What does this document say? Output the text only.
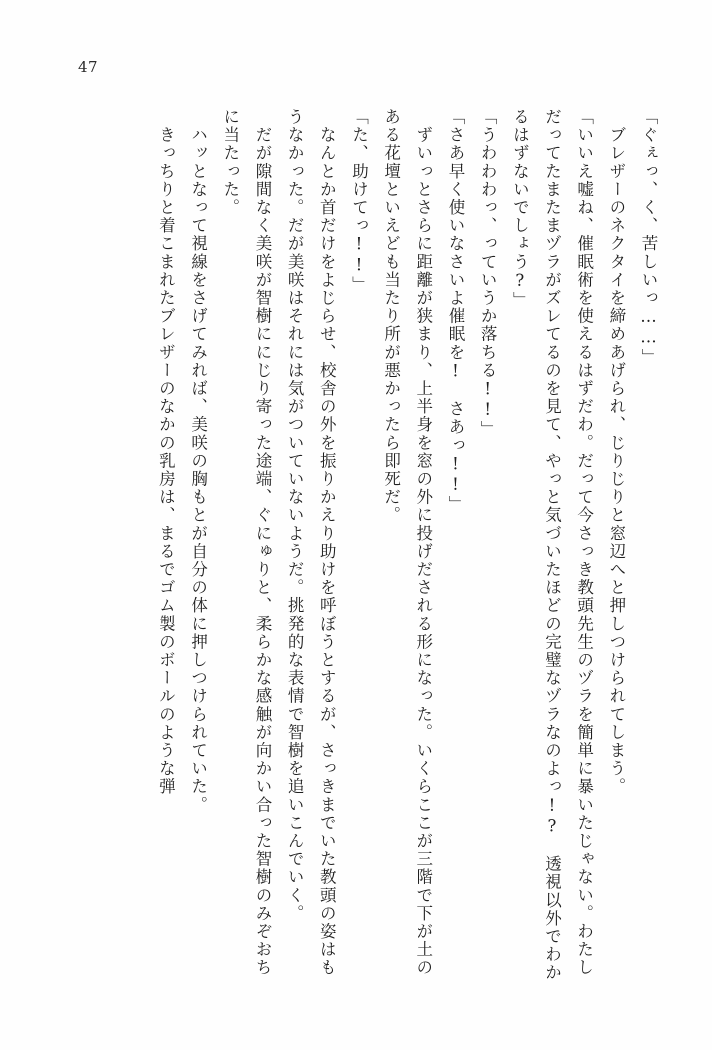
47

「ぐぇっ、く、苦しいっ……」

　ブレザーのネクタイを締めあげられ、じりじりと窓辺へと押しつけられてしまう。

「いいえ嘘ね、催眠術を使えるはずだわ。だって今さっき教頭先生のヅラを簡単に暴いたじゃない。わたしだってたまたまヅラがズレてるのを見て、やっと気づいたほどの完璧なヅラなのよっ!?　透視以外でわかるはずないでしょう?」

「うわわわっ、っていうか落ちる!!」

「さあ早く使いなさいよ催眠を!　さあっ!!」

　ずいっとさらに距離が狭まり、上半身を窓の外に投げだされる形になった。いくらここが三階で下が土のある花壇といえども当たり所が悪かったら即死だ。

「た、助けてっ!!」

　なんとか首だけをよじらせ、校舎の外を振りかえり助けを呼ぼうとするが、さっきまでいた教頭の姿はもうなかった。だが美咲はそれには気がついていないようだ。挑発的な表情で智樹を追いこんでいく。

　だが隙間なく美咲が智樹ににじり寄った途端、ぐにゅりと、柔らかな感触が向かい合った智樹のみぞおちに当たった。

　ハッとなって視線をさげてみれば、美咲の胸もとが自分の体に押しつけられていた。

　きっちりと着こまれたブレザーのなかの乳房は、まるでゴム製のボールのような弾
